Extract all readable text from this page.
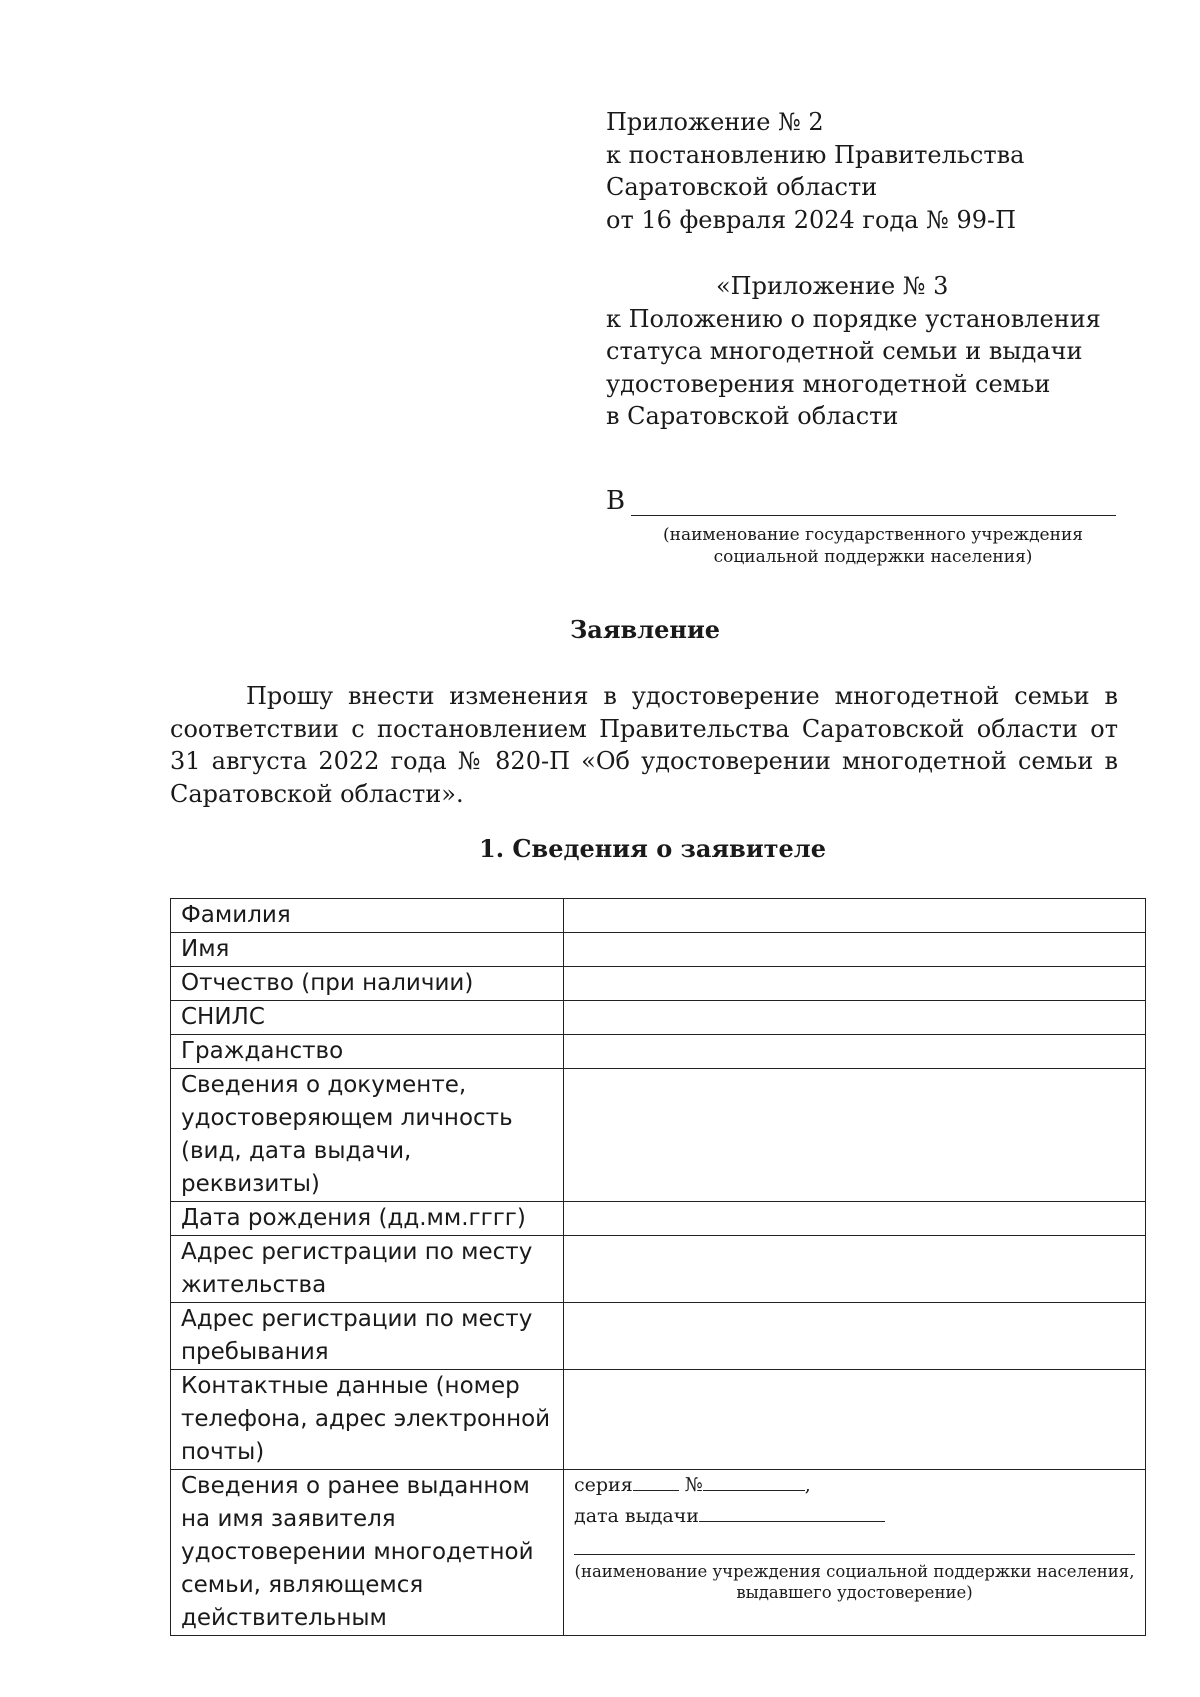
Приложение № 2
к постановлению Правительства
Саратовской области
от 16 февраля 2024 года № 99-П
«Приложение № 3
к Положению о порядке установления
статуса многодетной семьи и выдачи
удостоверения многодетной семьи
в Саратовской области
В
(наименование государственного учреждения
социальной поддержки населения)
Заявление
Прошу внести изменения в удостоверение многодетной семьи в соответствии с постановлением Правительства Саратовской области от 31 августа 2022 года № 820-П «Об удостоверении многодетной семьи в Саратовской области».
1. Сведения о заявителе
Фамилия	
Имя	
Отчество (при наличии)	
СНИЛС	
Гражданство	
Сведения о документе, удостоверяющем личность (вид, дата выдачи, реквизиты)	
Дата рождения (дд.мм.гггг)	
Адрес регистрации по месту жительства	
Адрес регистрации по месту пребывания	
Контактные данные (номер телефона, адрес электронной почты)	
Сведения о ранее выданном на имя заявителя удостоверении многодетной семьи, являющемся действительным	серия № ,
дата выдачи
(наименование учреждения социальной поддержки населения,
выдавшего удостоверение)
